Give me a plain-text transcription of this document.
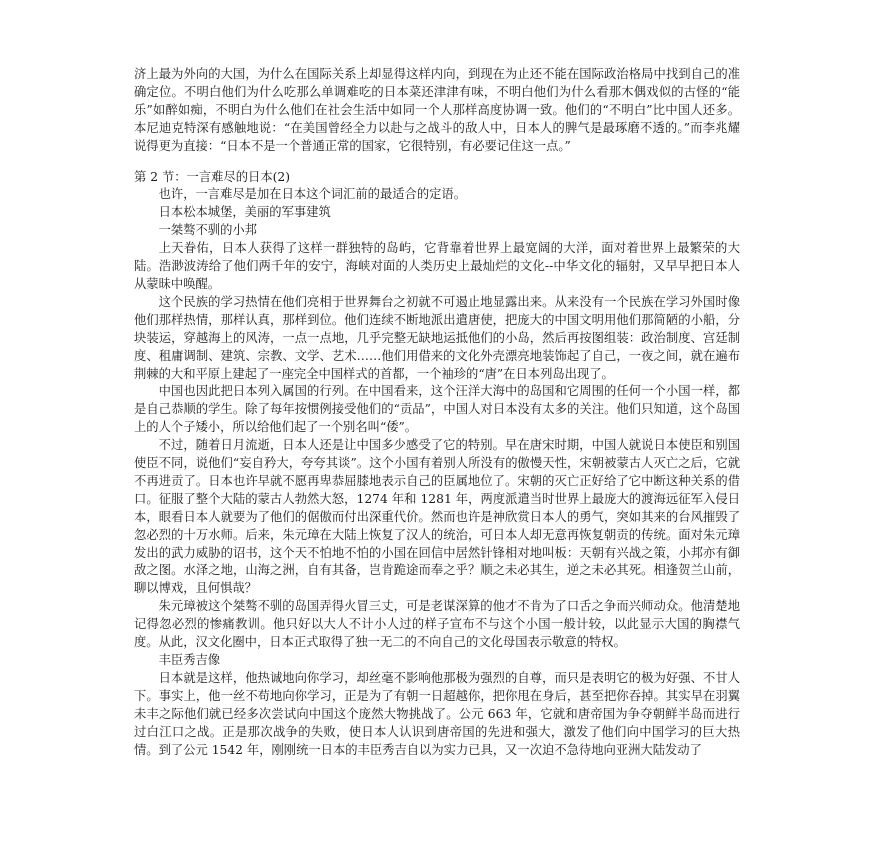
济上最为外向的大国，为什么在国际关系上却显得这样内向，到现在为止还不能在国际政治格局中找到自己的准确定位。不明白他们为什么吃那么单调难吃的日本菜还津津有味，不明白他们为什么看那木偶戏似的古怪的“能乐”如醉如痴，不明白为什么他们在社会生活中如同一个人那样高度协调一致。他们的“不明白”比中国人还多。本尼迪克特深有感触地说：“在美国曾经全力以赴与之战斗的敌人中，日本人的脾气是最琢磨不透的。”而李兆耀说得更为直接：“日本不是一个普通正常的国家，它很特别，有必要记住这一点。”

第 2 节：一言难尽的日本(2)

也许，一言难尽是加在日本这个词汇前的最适合的定语。

日本松本城堡，美丽的军事建筑

一桀骜不驯的小邦

上天眷佑，日本人获得了这样一群独特的岛屿，它背靠着世界上最宽阔的大洋，面对着世界上最繁荣的大陆。浩渺波涛给了他们两千年的安宁，海峡对面的人类历史上最灿烂的文化--中华文化的辐射，又早早把日本人从蒙昧中唤醒。

这个民族的学习热情在他们亮相于世界舞台之初就不可遏止地显露出来。从来没有一个民族在学习外国时像他们那样热情，那样认真，那样到位。他们连续不断地派出遣唐使，把庞大的中国文明用他们那简陋的小船，分块装运，穿越海上的风涛，一点一点地，几乎完整无缺地运抵他们的小岛，然后再按图组装：政治制度、宫廷制度、租庸调制、建筑、宗教、文学、艺术……他们用借来的文化外壳漂亮地装饰起了自己，一夜之间，就在遍布荆棘的大和平原上建起了一座完全中国样式的首都，一个袖珍的“唐”在日本列岛出现了。

中国也因此把日本列入属国的行列。在中国看来，这个汪洋大海中的岛国和它周围的任何一个小国一样，都是自己恭顺的学生。除了每年按惯例接受他们的“贡品”，中国人对日本没有太多的关注。他们只知道，这个岛国上的人个子矮小，所以给他们起了一个别名叫“倭”。

不过，随着日月流逝，日本人还是让中国多少感受了它的特别。早在唐宋时期，中国人就说日本使臣和别国使臣不同，说他们“妄自矜大，夸夸其谈”。这个小国有着别人所没有的傲慢天性，宋朝被蒙古人灭亡之后，它就不再进贡了。日本也许早就不愿再卑恭屈膝地表示自己的臣属地位了。宋朝的灭亡正好给了它中断这种关系的借口。征服了整个大陆的蒙古人勃然大怒，1274 年和 1281 年，两度派遣当时世界上最庞大的渡海远征军入侵日本，眼看日本人就要为了他们的倨傲而付出深重代价。然而也许是神欣赏日本人的勇气，突如其来的台风摧毁了忽必烈的十万水师。后来，朱元璋在大陆上恢复了汉人的统治，可日本人却无意再恢复朝贡的传统。面对朱元璋发出的武力威胁的诏书，这个天不怕地不怕的小国在回信中居然针锋相对地叫板：天朝有兴战之策，小邦亦有御敌之图。水泽之地，山海之洲，自有其备，岂肯跪途而奉之乎？顺之未必其生，逆之未必其死。相逢贺兰山前，聊以博戏，且何惧哉？

朱元璋被这个桀骜不驯的岛国弄得火冒三丈，可是老谋深算的他才不肯为了口舌之争而兴师动众。他清楚地记得忽必烈的惨痛教训。他只好以大人不计小人过的样子宣布不与这个小国一般计较，以此显示大国的胸襟气度。从此，汉文化圈中，日本正式取得了独一无二的不向自己的文化母国表示敬意的特权。

丰臣秀吉像

日本就是这样，他热诚地向你学习，却丝毫不影响他那极为强烈的自尊，而只是表明它的极为好强、不甘人下。事实上，他一丝不苟地向你学习，正是为了有朝一日超越你，把你甩在身后，甚至把你吞掉。其实早在羽翼未丰之际他们就已经多次尝试向中国这个庞然大物挑战了。公元 663 年，它就和唐帝国为争夺朝鲜半岛而进行过白江口之战。正是那次战争的失败，使日本人认识到唐帝国的先进和强大，激发了他们向中国学习的巨大热情。到了公元 1542 年，刚刚统一日本的丰臣秀吉自以为实力已具，又一次迫不急待地向亚洲大陆发动了
